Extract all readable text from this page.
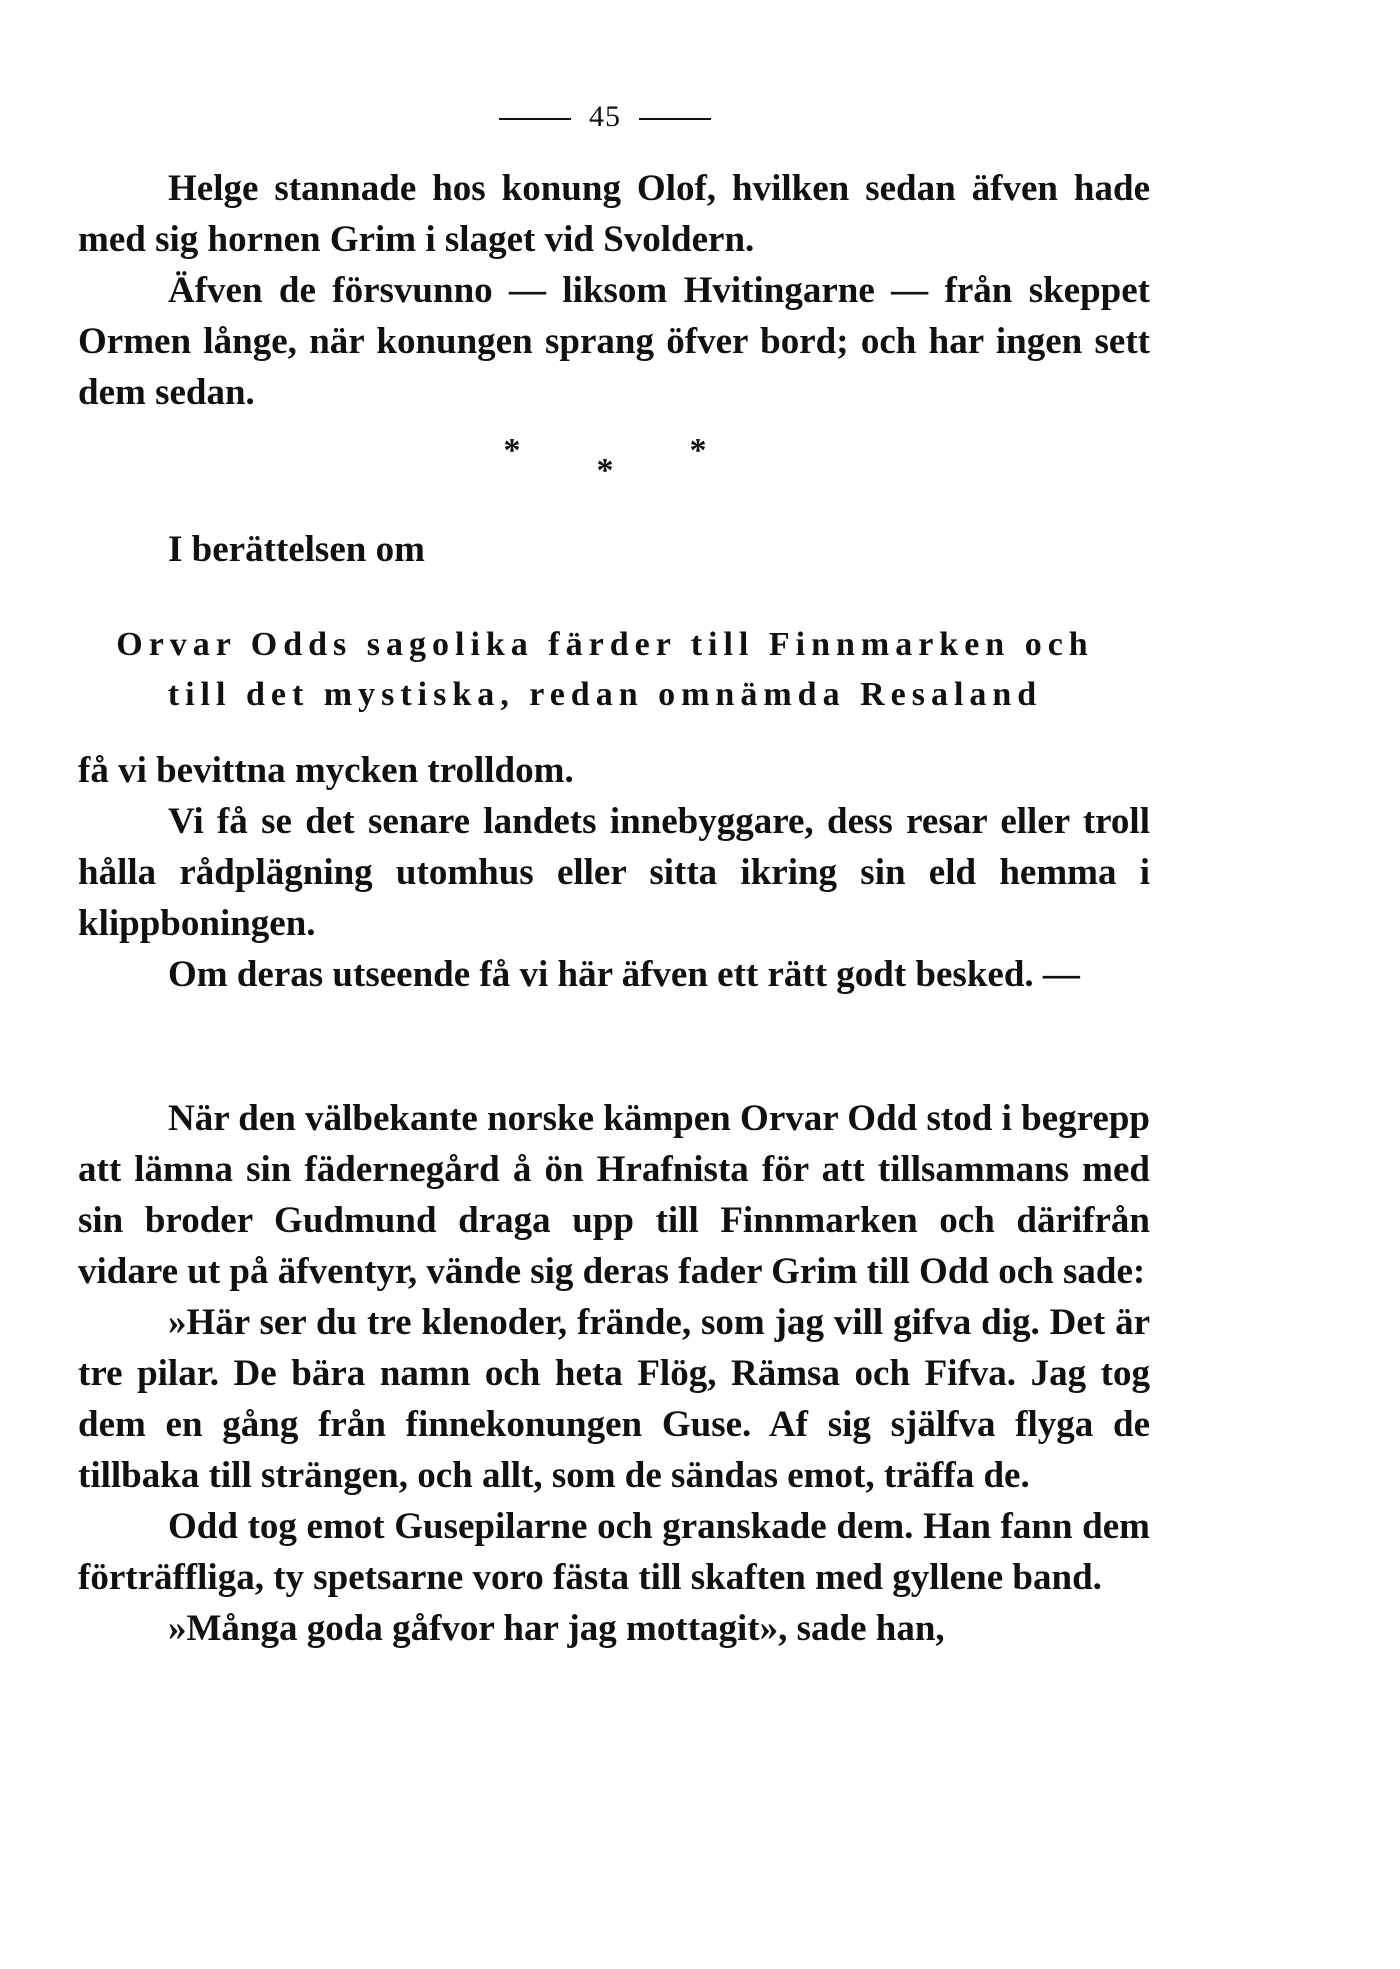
45

Helge stannade hos konung Olof, hvilken sedan äfven hade med sig hornen Grim i slaget vid Svoldern.

Äfven de försvunno — liksom Hvitingarne — från skeppet Ormen långe, när konungen sprang öfver bord; och har ingen sett dem sedan.

***

I berättelsen om

Orvar Odds sagolika färder till Finnmarken och
till det mystiska, redan omnämda Resaland

få vi bevittna mycken trolldom.

Vi få se det senare landets innebyggare, dess resar eller troll hålla rådplägning utomhus eller sitta ikring sin eld hemma i klippboningen.

Om deras utseende få vi här äfven ett rätt godt besked. —

När den välbekante norske kämpen Orvar Odd stod i begrepp att lämna sin fädernegård å ön Hrafnista för att tillsammans med sin broder Gudmund draga upp till Finnmarken och därifrån vidare ut på äfventyr, vände sig deras fader Grim till Odd och sade:

»Här ser du tre klenoder, frände, som jag vill gifva dig. Det är tre pilar. De bära namn och heta Flög, Rämsa och Fifva. Jag tog dem en gång från finnekonungen Guse. Af sig själfva flyga de tillbaka till strängen, och allt, som de sändas emot, träffa de.

Odd tog emot Gusepilarne och granskade dem. Han fann dem förträffliga, ty spetsarne voro fästa till skaften med gyllene band.

»Många goda gåfvor har jag mottagit», sade han,
